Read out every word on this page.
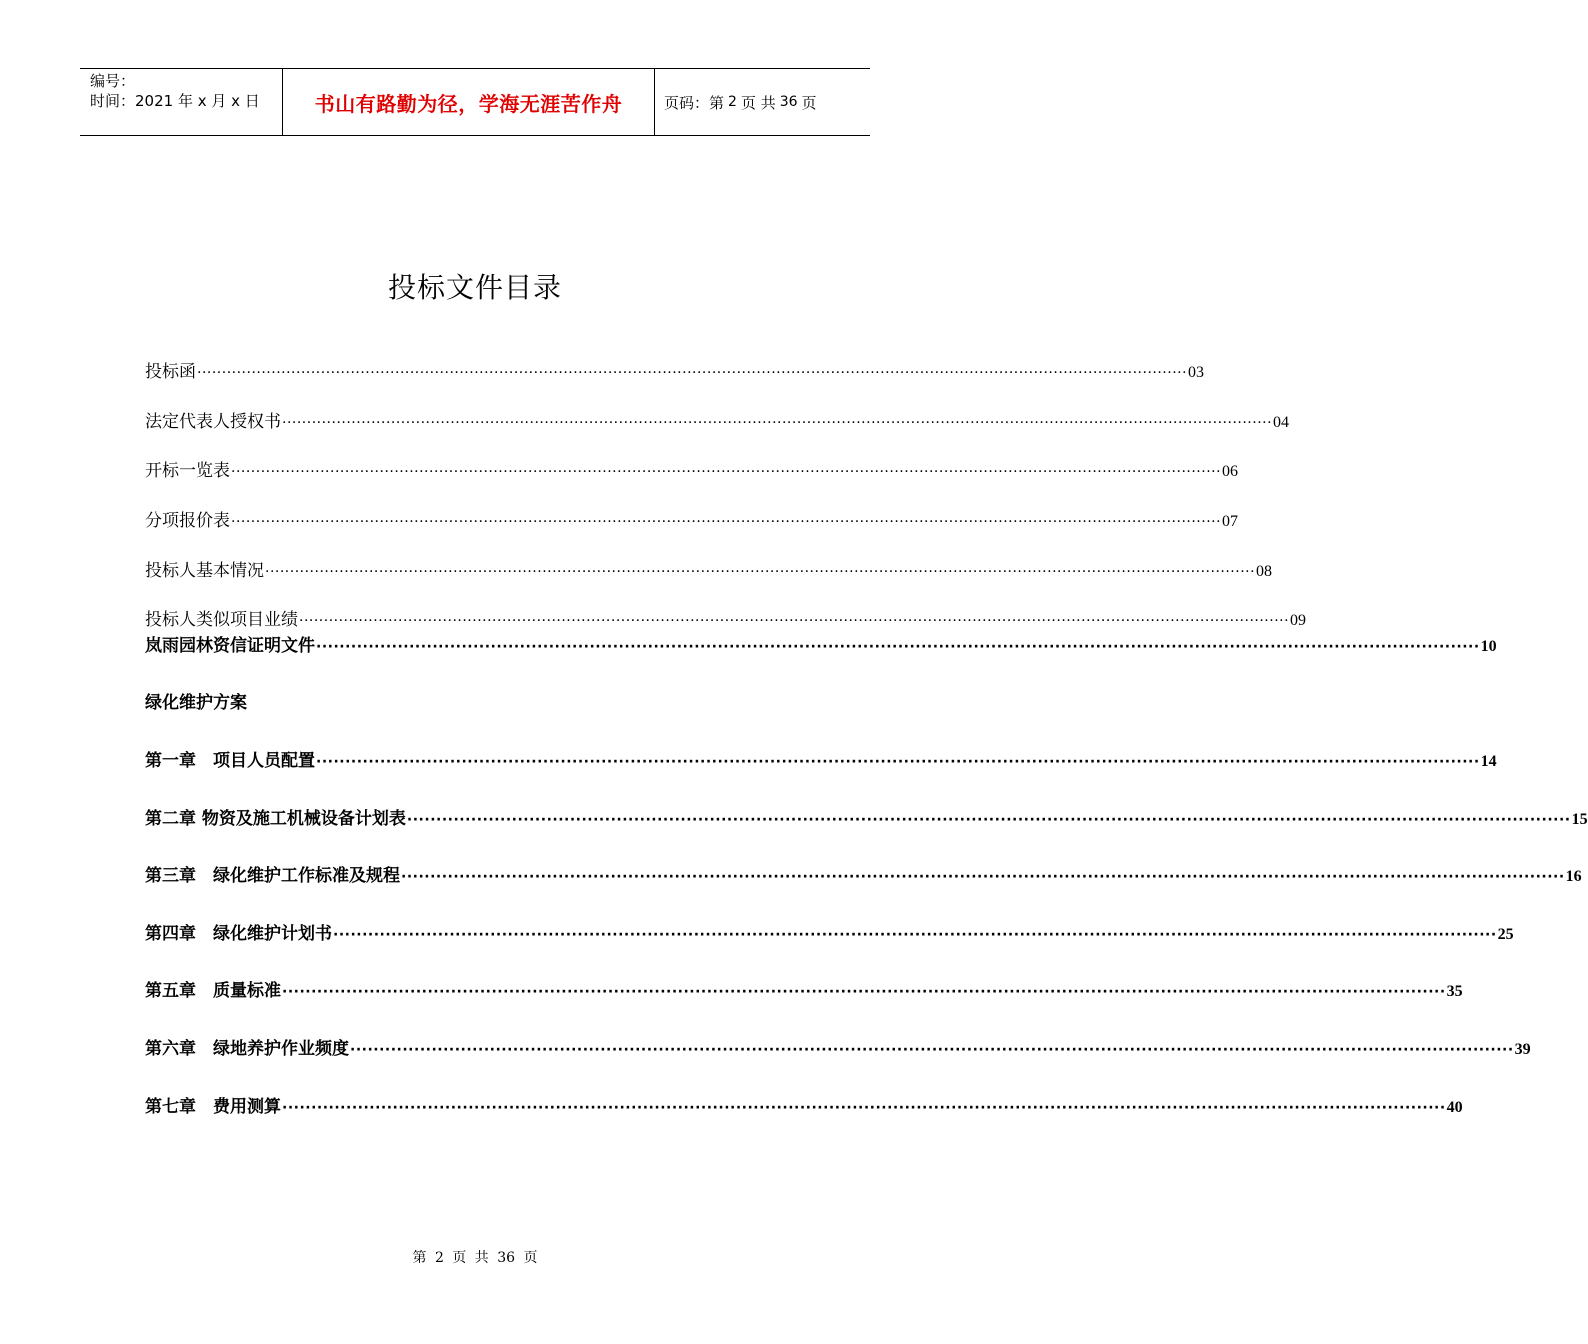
编号：
时间：2021 年 x 月 x 日	书山有路勤为径，学海无涯苦作舟	页码：第 2 页 共 36 页
投标文件目录
投标函 ········································································································································································································ 03
法定代表人授权书 ········································································································································································································ 04
开标一览表 ········································································································································································································ 06
分项报价表 ········································································································································································································ 07
投标人基本情况 ········································································································································································································ 08
投标人类似项目业绩 ········································································································································································································ 09
岚雨园林资信证明文件 ········································································································································································································ 10
绿化维护方案
第一章　项目人员配置 ········································································································································································································ 14
第二章 物资及施工机械设备计划表 ········································································································································································································ 15
第三章　绿化维护工作标准及规程 ········································································································································································································ 16
第四章　绿化维护计划书 ········································································································································································································ 25
第五章　质量标准 ········································································································································································································ 35
第六章　绿地养护作业频度 ········································································································································································································ 39
第七章　费用测算 ········································································································································································································ 40
第 2 页 共 36 页
